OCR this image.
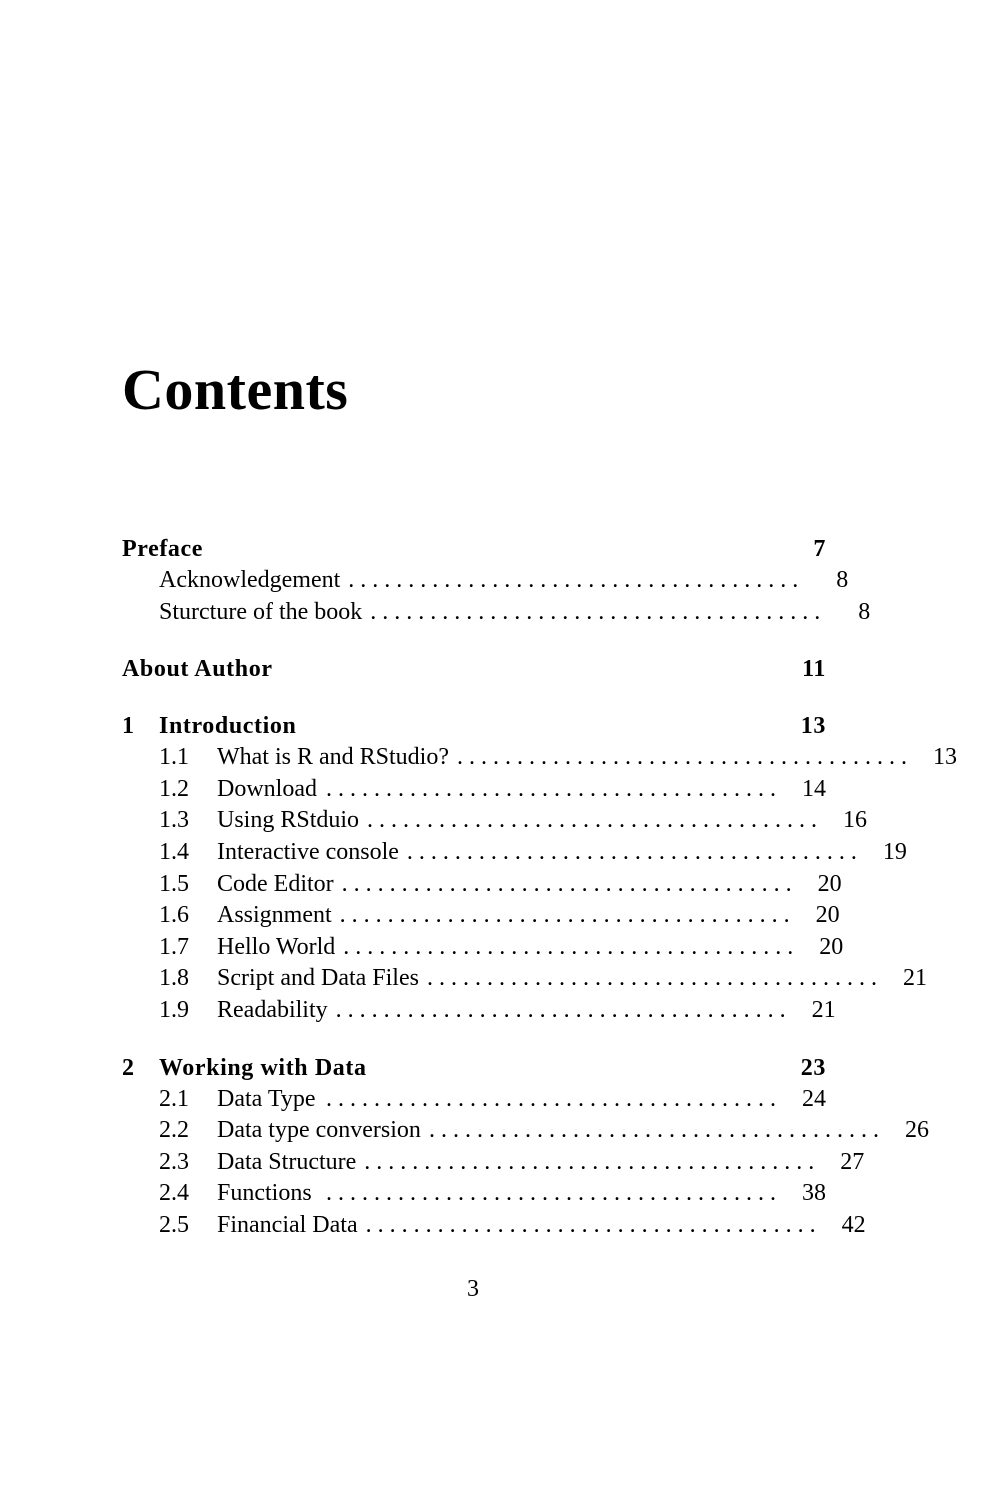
Contents
Preface	7
Acknowledgement . . . . . . . . . . . . . . . . . . . . . . . . . . . . . . . . . . . . . .	8
Sturcture of the book . . . . . . . . . . . . . . . . . . . . . . . . . . . . . . . . . . . . . .	8
About Author	11
1	Introduction	13
1.1	What is R and RStudio? . . . . . . . . . . . . . . . . . . . . . . . . . . . . . . . . . . . . . .	13
1.2	Download . . . . . . . . . . . . . . . . . . . . . . . . . . . . . . . . . . . . . .	14
1.3	Using RStduio . . . . . . . . . . . . . . . . . . . . . . . . . . . . . . . . . . . . . .	16
1.4	Interactive console . . . . . . . . . . . . . . . . . . . . . . . . . . . . . . . . . . . . . .	19
1.5	Code Editor . . . . . . . . . . . . . . . . . . . . . . . . . . . . . . . . . . . . . .	20
1.6	Assignment . . . . . . . . . . . . . . . . . . . . . . . . . . . . . . . . . . . . . .	20
1.7	Hello World . . . . . . . . . . . . . . . . . . . . . . . . . . . . . . . . . . . . . .	20
1.8	Script and Data Files . . . . . . . . . . . . . . . . . . . . . . . . . . . . . . . . . . . . . .	21
1.9	Readability . . . . . . . . . . . . . . . . . . . . . . . . . . . . . . . . . . . . . .	21
2	Working with Data	23
2.1	Data Type . . . . . . . . . . . . . . . . . . . . . . . . . . . . . . . . . . . . . .	24
2.2	Data type conversion . . . . . . . . . . . . . . . . . . . . . . . . . . . . . . . . . . . . . .	26
2.3	Data Structure . . . . . . . . . . . . . . . . . . . . . . . . . . . . . . . . . . . . . .	27
2.4	Functions . . . . . . . . . . . . . . . . . . . . . . . . . . . . . . . . . . . . . .	38
2.5	Financial Data . . . . . . . . . . . . . . . . . . . . . . . . . . . . . . . . . . . . . .	42
3
